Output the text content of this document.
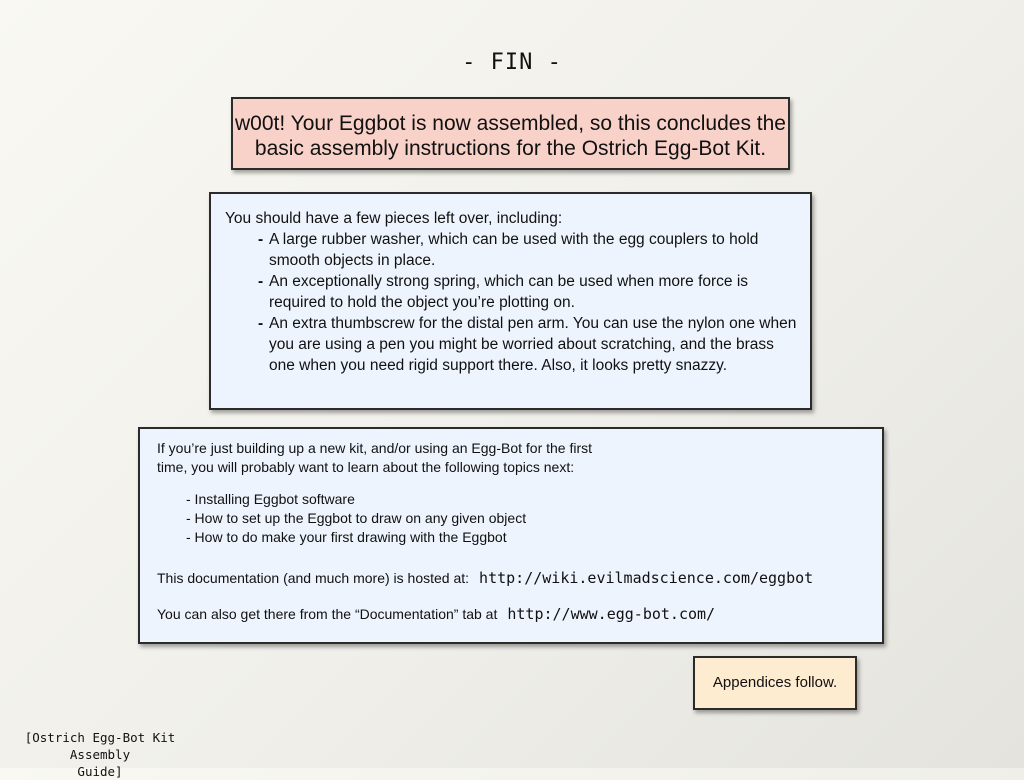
- FIN -
w00t! Your Eggbot is now assembled, so this concludes the
basic assembly instructions for the Ostrich Egg-Bot Kit.
You should have a few pieces left over, including:
- A large rubber washer, which can be used with the egg couplers to hold smooth objects in place.
- An exceptionally strong spring, which can be used when more force is required to hold the object you’re plotting on.
- An extra thumbscrew for the distal pen arm. You can use the nylon one when you are using a pen you might be worried about scratching, and the brass one when you need rigid support there. Also, it looks pretty snazzy.
If you’re just building up a new kit, and/or using an Egg-Bot for the first
time, you will probably want to learn about the following topics next:
- Installing Eggbot software
- How to set up the Eggbot to draw on any given object
- How to do make your first drawing with the Eggbot
This documentation (and much more) is hosted at: http://wiki.evilmadscience.com/eggbot
You can also get there from the “Documentation” tab at http://www.egg-bot.com/
Appendices follow.
[Ostrich Egg-Bot Kit Assembly
Guide]
